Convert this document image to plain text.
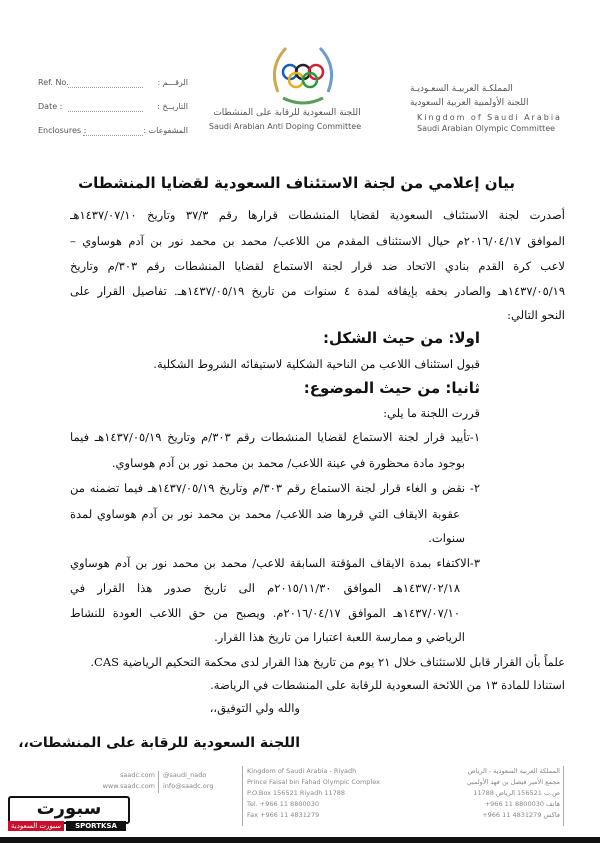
Ref. No.	الرقـــم :
Date :	التاريــخ :
Enclosures :	المشفوعات :
اللجنة السعودية للرقابة على المنشطات
Saudi Arabian Anti Doping Committee
المملكـة العربيـة السعـوديـة
اللجنة الأولمبية العربية السعودية
Kingdom of Saudi Arabia
Saudi Arabian Olympic Committee
بيان إعلامي من لجنة الاستئناف السعودية لقضايا المنشطات
أصدرت لجنة الاستئناف السعودية لقضايا المنشطات قرارها رقم ٣٧/٣ وتاريخ ١٤٣٧/٠٧/١٠هـ
الموافق ٢٠١٦/٠٤/١٧م حيال الاستئناف المقدم من اللاعب/ محمد بن محمد نور بن آدم هوساوي –
لاعب كرة القدم بنادي الاتحاد ضد قرار لجنة الاستماع لقضايا المنشطات رقم ٣٠٣/م وتاريخ
١٤٣٧/٠٥/١٩هـ والصادر بحقه بإيقافه لمدة ٤ سنوات من تاريخ ١٤٣٧/٠٥/١٩هـ. تفاصيل القرار على
النحو التالي:
اولا: من حيث الشكل:
قبول استئناف اللاعب من الناحية الشكلية لاستيفائه الشروط الشكلية.
ثانيا: من حيث الموضوع:
قررت اللجنة ما يلي:
١-تأييد قرار لجنة الاستماع لقضايا المنشطات رقم ٣٠٣/م وتاريخ ١٤٣٧/٠٥/١٩هـ فيما
بوجود مادة محظورة في عينة اللاعب/ محمد بن محمد نور بن آدم هوساوي.
٢- نقض و الغاء قرار لجنة الاستماع رقم ٣٠٣/م وتاريخ ١٤٣٧/٠٥/١٩هـ فيما تضمنه من
عقوبة الايقاف التي قررها ضد اللاعب/ محمد بن محمد نور بن آدم هوساوي لمدة
سنوات.
٣-الاكتفاء بمدة الايقاف المؤقتة السابقة للاعب/ محمد بن محمد نور بن آدم هوساوي
١٤٣٧/٠٢/١٨هـ الموافق ٢٠١٥/١١/٣٠م الى تاريخ صدور هذا القرار في
١٤٣٧/٠٧/١٠هـ الموافق ٢٠١٦/٠٤/١٧م. ويصبح من حق اللاعب العودة للنشاط
الرياضي و ممارسة اللعبة اعتبارا من تاريخ هذا القرار.
علماً بأن القرار قابل للاستئناف خلال ٢١ يوم من تاريخ هذا القرار لدى محكمة التحكيم الرياضية CAS.
استنادا للمادة ١٣ من اللائحة السعودية للرقابة على المنشطات في الرياضة.
والله ولي التوفيق،،
اللجنة السعودية للرقابة على المنشطات،،
saadc.com
www.saadc.com
@saudi_nado
info@saadc.org
Kingdom of Saudi Arabia - Riyadh
Prince Faisal bin Fahad Olympic Complex
P.O.Box 156521 Riyadh 11788
Tel. +966 11 8800030
Fax +966 11 4831279
المملكة العربية السعودية - الرياض
مجمع الأمير فيصل بن فهد الأولمبي
ص.ب 156521 الرياض 11788
هاتف 8800030 11 966+
فاكس 4831279 11 966+
سبورت
سبورت السعودية	SPORTKSA
